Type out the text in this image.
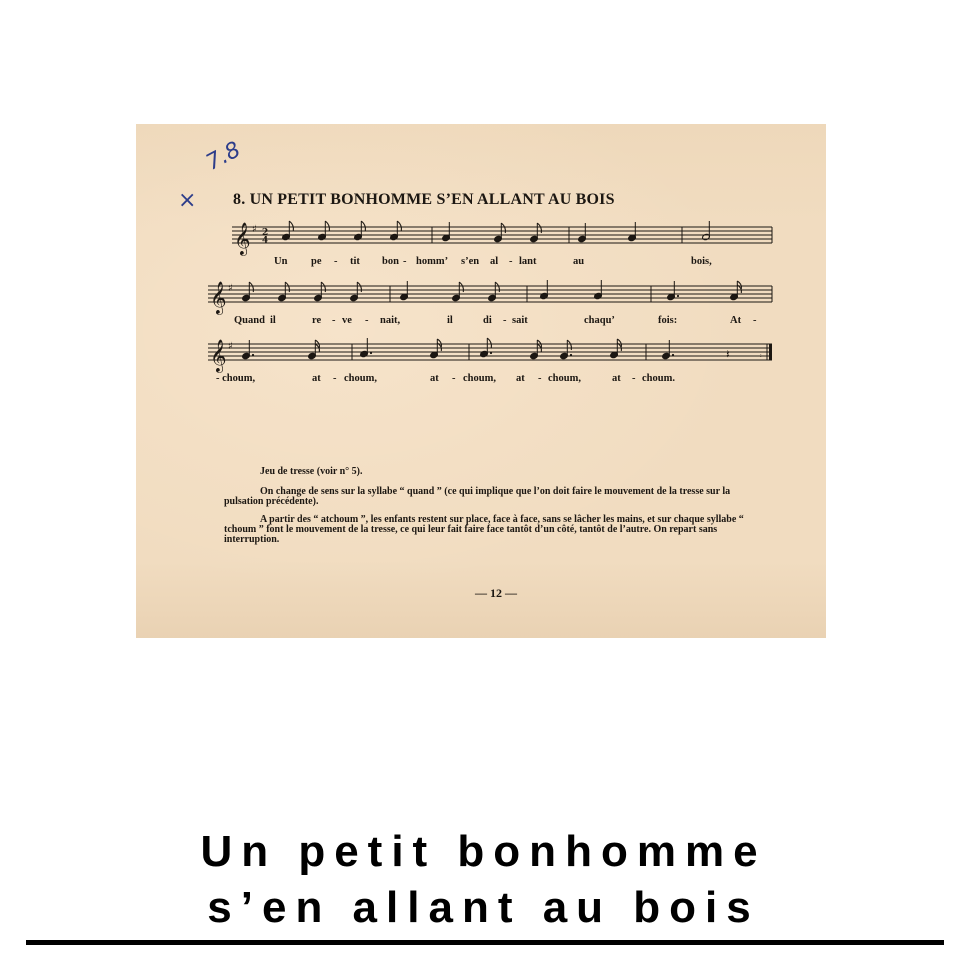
7.8
× 8. UN PETIT BONHOMME S’EN ALLANT AU BOIS
𝄞 ♯ 2
4
𝄞 ♯
𝄞 ♯
:
𝄽
Un pe - tit bon - homm’ s’en al - lant	au	bois,
Quand il	re - ve - nait,	il	di - sait	chaqu’	fois:	At -
- choum,	at - choum,	at - choum, at - choum,	at - choum.
Jeu de tresse (voir n° 5).
On change de sens sur la syllabe “ quand ” (ce qui implique que l’on doit faire le mouvement de la tresse sur la pulsation précédente).
A partir des “ atchoum ”, les enfants restent sur place, face à face, sans se lâcher les mains, et sur chaque syllabe “ tchoum ” font le mouvement de la tresse, ce qui leur fait faire face tantôt d’un côté, tantôt de l’autre. On repart sans interruption.
— 12 —
Un petit bonhomme
s’en allant au bois
